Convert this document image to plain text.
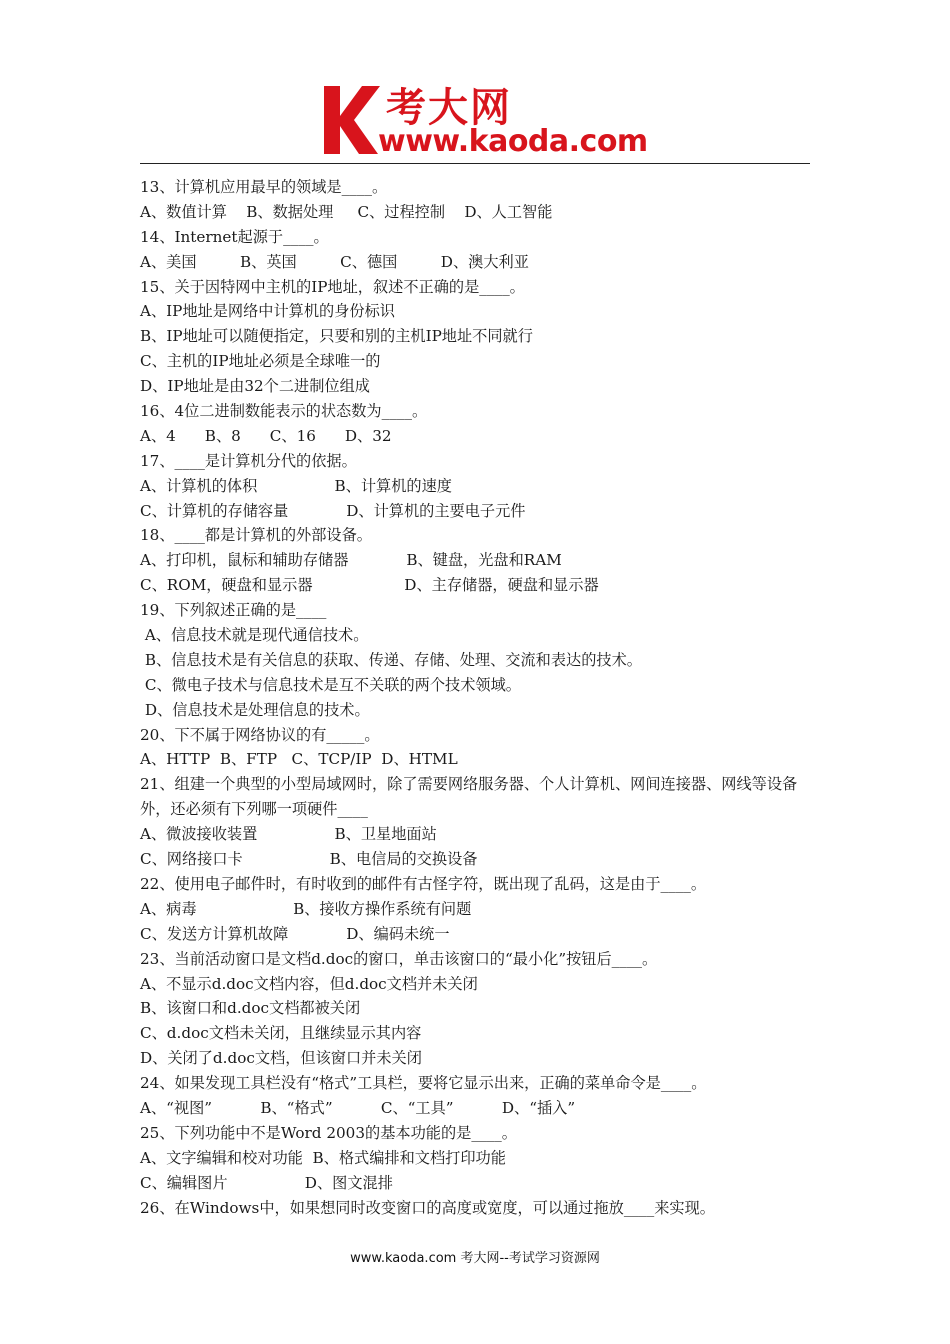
考大网
www.kaoda.com
13、计算机应用最早的领域是____。
A、数值计算    B、数据处理     C、过程控制    D、人工智能
14、Internet起源于____。
A、美国         B、英国         C、德国         D、澳大利亚
15、关于因特网中主机的IP地址，叙述不正确的是____。
A、IP地址是网络中计算机的身份标识
B、IP地址可以随便指定，只要和别的主机IP地址不同就行
C、主机的IP地址必须是全球唯一的
D、IP地址是由32个二进制位组成
16、4位二进制数能表示的状态数为____。
A、4      B、8      C、16      D、32
17、____是计算机分代的依据。
A、计算机的体积                B、计算机的速度
C、计算机的存储容量            D、计算机的主要电子元件
18、____都是计算机的外部设备。
A、打印机，鼠标和辅助存储器            B、键盘，光盘和RAM
C、ROM，硬盘和显示器                   D、主存储器，硬盘和显示器
19、下列叙述正确的是____
A、信息技术就是现代通信技术。
B、信息技术是有关信息的获取、传递、存储、处理、交流和表达的技术。
C、微电子技术与信息技术是互不关联的两个技术领域。
D、信息技术是处理信息的技术。
20、下不属于网络协议的有_____。
A、HTTP  B、FTP   C、TCP/IP  D、HTML
21、组建一个典型的小型局域网时，除了需要网络服务器、个人计算机、网间连接器、网线等设备外，还必须有下列哪一项硬件____
A、微波接收装置                B、卫星地面站
C、网络接口卡                  B、电信局的交换设备
22、使用电子邮件时，有时收到的邮件有古怪字符，既出现了乱码，这是由于____。
A、病毒                    B、接收方操作系统有问题
C、发送方计算机故障            D、编码未统一
23、当前活动窗口是文档d.doc的窗口，单击该窗口的“最小化”按钮后____。
A、不显示d.doc文档内容，但d.doc文档并未关闭
B、该窗口和d.doc文档都被关闭
C、d.doc文档未关闭，且继续显示其内容
D、关闭了d.doc文档，但该窗口并未关闭
24、如果发现工具栏没有“格式”工具栏，要将它显示出来，正确的菜单命令是____。
A、“视图”          B、“格式”          C、“工具”          D、“插入”
25、下列功能中不是Word 2003的基本功能的是____。
A、文字编辑和校对功能  B、格式编排和文档打印功能
C、编辑图片                D、图文混排
26、在Windows中，如果想同时改变窗口的高度或宽度，可以通过拖放____来实现。
www.kaoda.com 考大网--考试学习资源网
